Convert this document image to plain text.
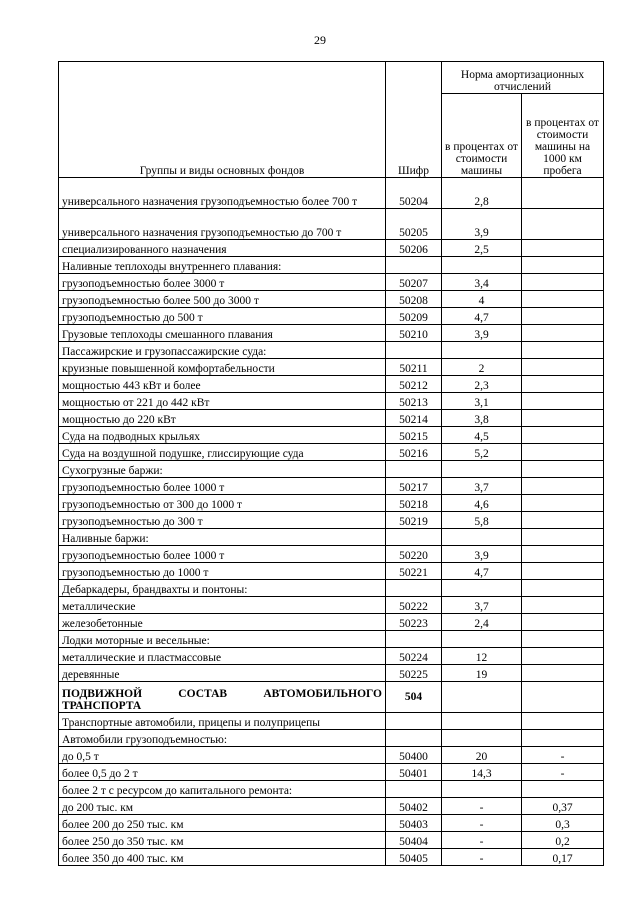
29
Группы и виды основных фондов	Шифр	Норма амортизационных отчислений	
		в процентах от стоимости машины	в процентах от стоимости машины на 1000 км пробега
универсального назначения грузоподъемностью более 700 т	50204	2,8	
универсального назначения грузоподъемностью до 700 т	50205	3,9	
специализированного назначения	50206	2,5	
Наливные теплоходы внутреннего плавания:			
грузоподъемностью более 3000 т	50207	3,4	
грузоподъемностью более 500 до 3000 т	50208	4	
грузоподъемностью до 500 т	50209	4,7	
Грузовые теплоходы смешанного плавания	50210	3,9	
Пассажирские и грузопассажирские суда:			
круизные повышенной комфортабельности	50211	2	
мощностью 443 кВт и более	50212	2,3	
мощностью от 221 до 442 кВт	50213	3,1	
мощностью до 220 кВт	50214	3,8	
Суда на подводных крыльях	50215	4,5	
Суда на воздушной подушке, глиссирующие суда	50216	5,2	
Сухогрузные баржи:			
грузоподъемностью более 1000 т	50217	3,7	
грузоподъемностью от 300 до 1000 т	50218	4,6	
грузоподъемностью до 300 т	50219	5,8	
Наливные баржи:			
грузоподъемностью более 1000 т	50220	3,9	
грузоподъемностью до 1000 т	50221	4,7	
Дебаркадеры, брандвахты и понтоны:			
металлические	50222	3,7	
железобетонные	50223	2,4	
Лодки моторные и весельные:			
металлические и пластмассовые	50224	12	
деревянные	50225	19	
ПОДВИЖНОЙ СОСТАВ АВТОМОБИЛЬНОГО ТРАНСПОРТА	504		
Транспортные автомобили, прицепы и полуприцепы			
Автомобили грузоподъемностью:			
до 0,5 т	50400	20	-
более 0,5 до 2 т	50401	14,3	-
более 2 т с ресурсом до капитального ремонта:			
до 200 тыс. км	50402	-	0,37
более 200 до 250 тыс. км	50403	-	0,3
более 250 до 350 тыс. км	50404	-	0,2
более 350 до 400 тыс. км	50405	-	0,17
